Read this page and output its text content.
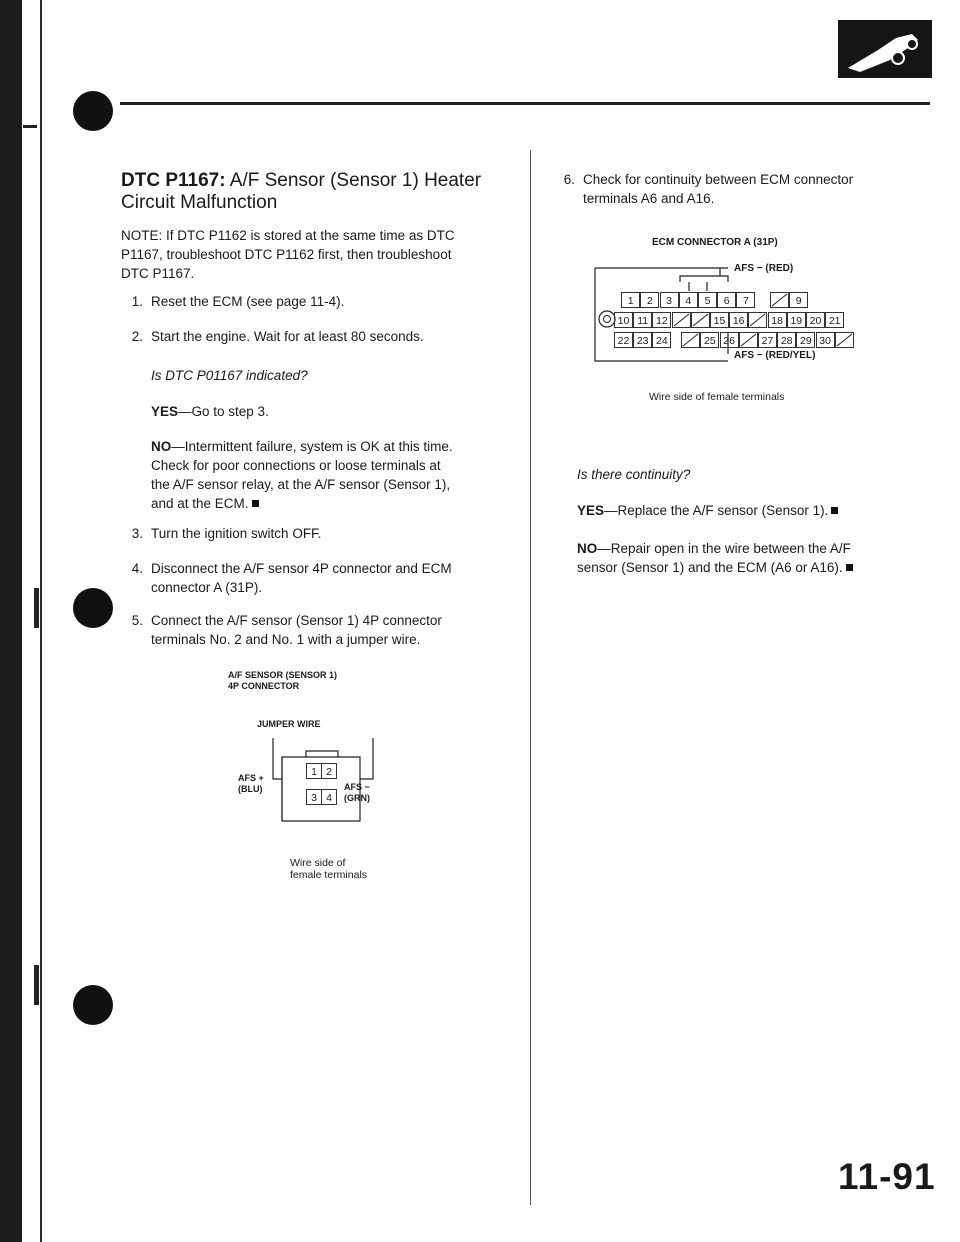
DTC P1167: A/F Sensor (Sensor 1) Heater
Circuit Malfunction
NOTE: If DTC P1162 is stored at the same time as DTC
P1167, troubleshoot DTC P1162 first, then troubleshoot
DTC P1167.
1. Reset the ECM (see page 11-4).
2. Start the engine. Wait for at least 80 seconds.
Is DTC P01167 indicated?
YES—Go to step 3.
NO—Intermittent failure, system is OK at this time.
Check for poor connections or loose terminals at
the A/F sensor relay, at the A/F sensor (Sensor 1),
and at the ECM.
3. Turn the ignition switch OFF.
4. Disconnect the A/F sensor 4P connector and ECM
connector A (31P).
5. Connect the A/F sensor (Sensor 1) 4P connector
terminals No. 2 and No. 1 with a jumper wire.
A/F SENSOR (SENSOR 1)
4P CONNECTOR
JUMPER WIRE
1 2
3 4
AFS +
(BLU)	AFS −
(GRN)
Wire side of
female terminals
6. Check for continuity between ECM connector
terminals A6 and A16.
ECM CONNECTOR A (31P)
AFS − (RED)
AFS − (RED/YEL)
1	2	3	4	5	6	7	9
10 11 12	15 16	18 19 20 21
22 23 24	25 26	27 28 29 30
Wire side of female terminals
Is there continuity?
YES—Replace the A/F sensor (Sensor 1).
NO—Repair open in the wire between the A/F
sensor (Sensor 1) and the ECM (A6 or A16).
11-91
